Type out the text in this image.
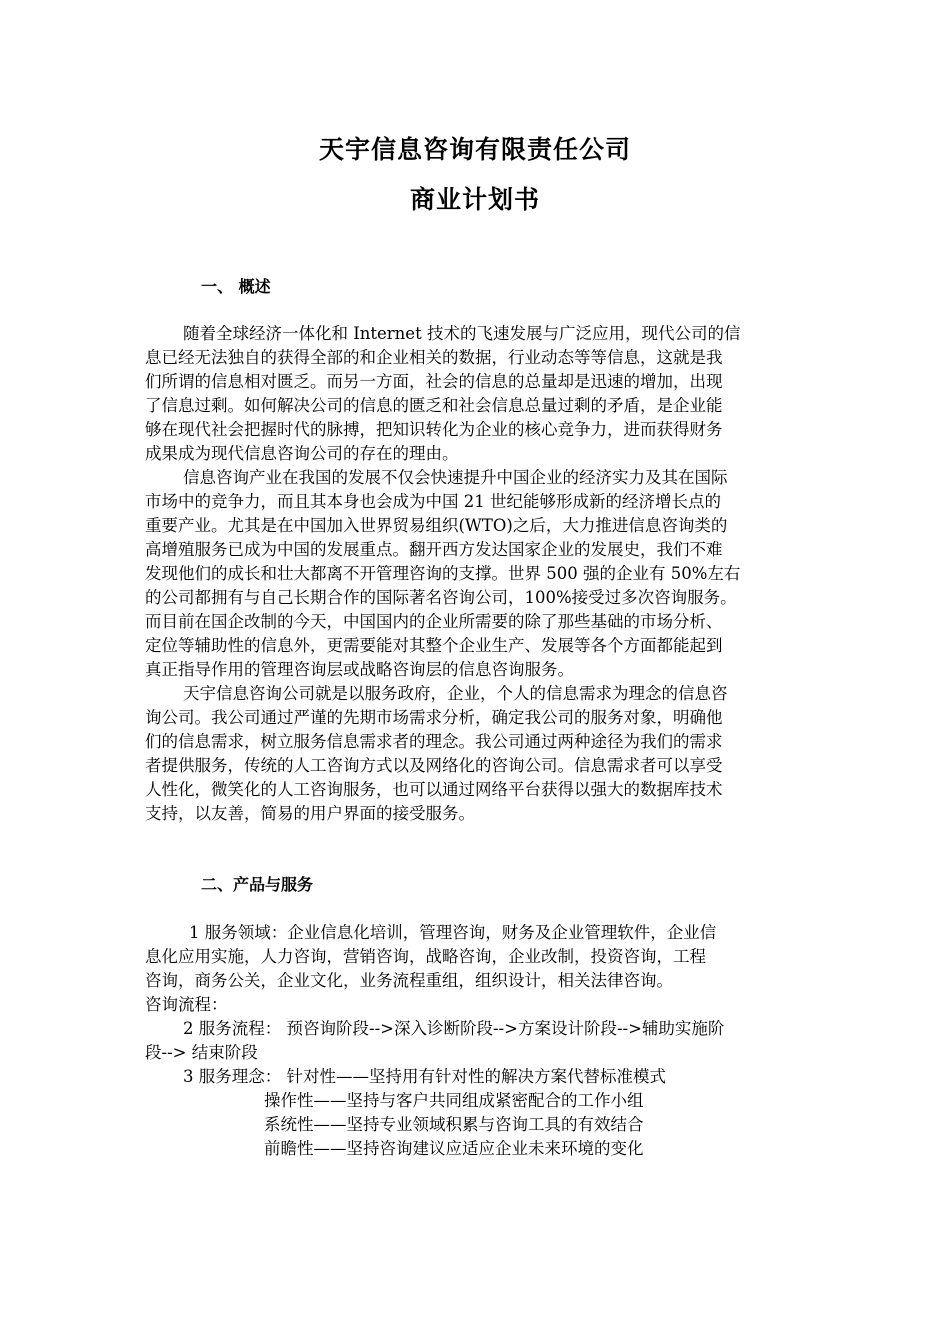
天宇信息咨询有限责任公司
商业计划书
一、 概述
随着全球经济一体化和 Internet 技术的飞速发展与广泛应用，现代公司的信
息已经无法独自的获得全部的和企业相关的数据，行业动态等等信息，这就是我
们所谓的信息相对匮乏。而另一方面，社会的信息的总量却是迅速的增加，出现
了信息过剩。如何解决公司的信息的匮乏和社会信息总量过剩的矛盾，是企业能
够在现代社会把握时代的脉搏，把知识转化为企业的核心竞争力，进而获得财务
成果成为现代信息咨询公司的存在的理由。
信息咨询产业在我国的发展不仅会快速提升中国企业的经济实力及其在国际
市场中的竞争力，而且其本身也会成为中国 21 世纪能够形成新的经济增长点的
重要产业。尤其是在中国加入世界贸易组织(WTO)之后，大力推进信息咨询类的
高增殖服务已成为中国的发展重点。翻开西方发达国家企业的发展史，我们不难
发现他们的成长和壮大都离不开管理咨询的支撑。世界 500 强的企业有 50%左右
的公司都拥有与自己长期合作的国际著名咨询公司，100%接受过多次咨询服务。
而目前在国企改制的今天，中国国内的企业所需要的除了那些基础的市场分析、
定位等辅助性的信息外，更需要能对其整个企业生产、发展等各个方面都能起到
真正指导作用的管理咨询层或战略咨询层的信息咨询服务。
天宇信息咨询公司就是以服务政府，企业，个人的信息需求为理念的信息咨
询公司。我公司通过严谨的先期市场需求分析，确定我公司的服务对象，明确他
们的信息需求，树立服务信息需求者的理念。我公司通过两种途径为我们的需求
者提供服务，传统的人工咨询方式以及网络化的咨询公司。信息需求者可以享受
人性化，微笑化的人工咨询服务，也可以通过网络平台获得以强大的数据库技术
支持，以友善，简易的用户界面的接受服务。
二、产品与服务
1 服务领域：企业信息化培训，管理咨询，财务及企业管理软件，企业信
息化应用实施，人力咨询，营销咨询，战略咨询，企业改制，投资咨询，工程
咨询，商务公关，企业文化，业务流程重组，组织设计，相关法律咨询。
咨询流程：
2 服务流程： 预咨询阶段-->深入诊断阶段-->方案设计阶段-->辅助实施阶
段--> 结束阶段
3 服务理念： 针对性——坚持用有针对性的解决方案代替标准模式
操作性——坚持与客户共同组成紧密配合的工作小组
系统性——坚持专业领域积累与咨询工具的有效结合
前瞻性——坚持咨询建议应适应企业未来环境的变化
